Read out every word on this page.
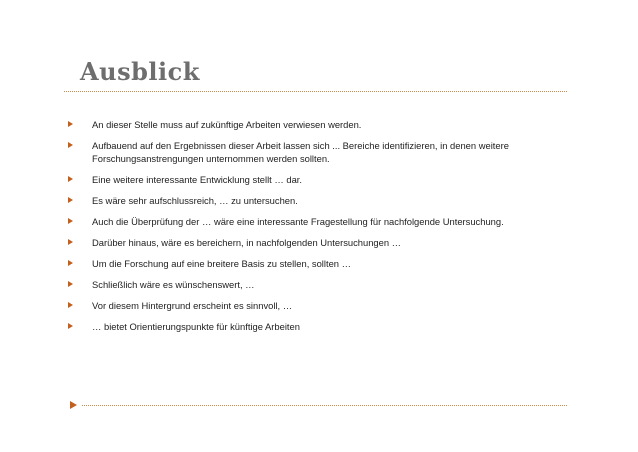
Ausblick
An dieser Stelle muss auf zukünftige Arbeiten verwiesen werden.
Aufbauend auf den Ergebnissen dieser Arbeit lassen sich ... Bereiche identifizieren, in denen weitere Forschungsanstrengungen unternommen werden sollten.
Eine weitere interessante Entwicklung stellt … dar.
Es wäre sehr aufschlussreich, … zu untersuchen.
Auch die Überprüfung der … wäre eine interessante Fragestellung für nachfolgende Untersuchung.
Darüber hinaus, wäre es bereichern, in nachfolgenden Untersuchungen …
Um die Forschung auf eine breitere Basis zu stellen, sollten …
Schließlich wäre es wünschenswert, …
Vor diesem Hintergrund erscheint es sinnvoll, …
… bietet Orientierungspunkte für künftige Arbeiten
